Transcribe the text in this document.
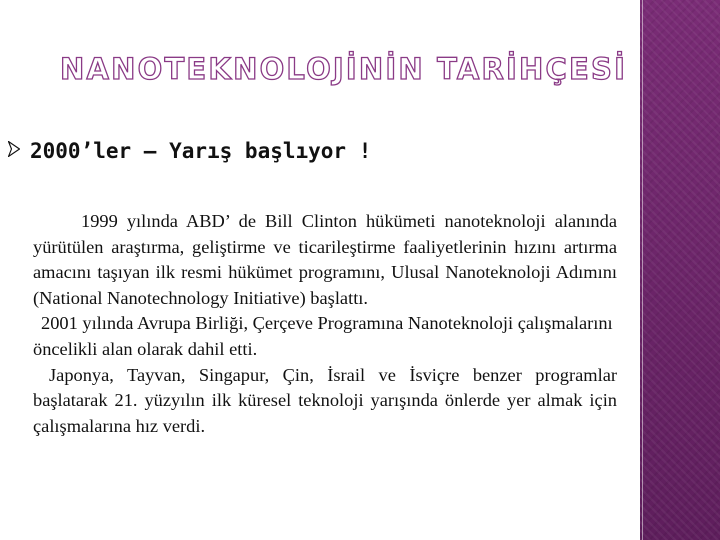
NANOTEKNOLOJİNİN TARİHÇESİ
2000’ler – Yarış başlıyor !

1999 yılında ABD’ de Bill Clinton hükümeti nanoteknoloji alanında yürütülen araştırma, geliştirme ve ticarileştirme faaliyetlerinin hızını artırma amacını taşıyan ilk resmi hükümet programını, Ulusal Nanoteknoloji Adımını (National Nanotechnology Initiative) başlattı.

2001 yılında Avrupa Birliği, Çerçeve Programına Nanoteknoloji çalışmalarını öncelikli alan olarak dahil etti.

Japonya, Tayvan, Singapur, Çin, İsrail ve İsviçre benzer programlar başlatarak 21. yüzyılın ilk küresel teknoloji yarışında önlerde yer almak için çalışmalarına hız verdi.
